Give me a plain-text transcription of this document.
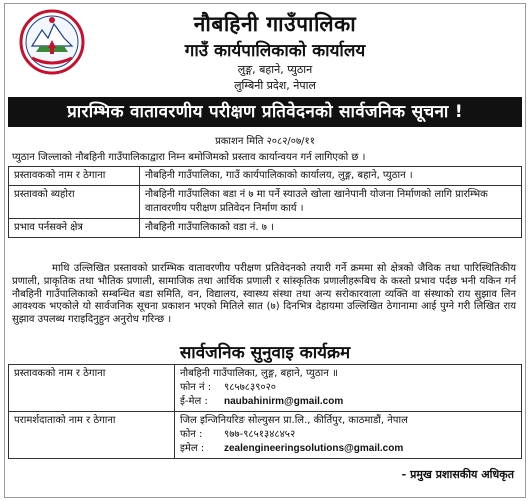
नौबहिनी गाउँपालिका
गाउँ कार्यपालिकाको कार्यालय
लुङ्ग, बहाने, प्युठान
लुम्बिनी प्रदेश, नेपाल
प्रारम्भिक वातावरणीय परीक्षण प्रतिवेदनको सार्वजनिक सूचना !
प्रकाशन मिति २०८२/०७/११
प्युठान जिल्लाको नौबहिनी गाउँपालिकाद्वारा निम्न बमोजिमको प्रस्ताव कार्यान्वयन गर्न लागिएको छ ।
प्रस्तावकको नाम र ठेगाना	नौबहिनी गाउँपालिका, गाउँ कार्यपालिकाको कार्यालय, लुङ्ग, बहाने, प्युठान ।
प्रस्तावको ब्यहोरा	नौबहिनी गाउँपालिका बडा नं ७ मा पर्ने स्याउले खोला खानेपानी योजना निर्माणको लागि प्रारम्भिक वातावरणीय परीक्षण प्रतिवेदन निर्माण कार्य ।
प्रभाव पर्नसक्ने क्षेत्र	नौबहिनी गाउँपालिकाको वडा नं. ७ ।
माथि उल्लिखित प्रस्तावको प्रारम्भिक वातावरणीय परीक्षण प्रतिवेदनको तयारी गर्ने क्रममा सो क्षेत्रको जैविक तथा पारिस्थितिकीय प्रणाली, प्राकृतिक तथा भौतिक प्रणाली, सामाजिक तथा आर्थिक प्रणाली र सांस्कृतिक प्रणालीहरूबिच के कस्तो प्रभाव पर्दछ भनी यकिन गर्न नौबहिनी गाउँपालिकाको सम्बन्धित बडा समिति, वन, विद्यालय, स्वास्थ्य संस्था तथा अन्य सरोकारवाला व्यक्ति वा संस्थाको राय सुझाव लिन आवश्यक भएकोले यो सार्वजनिक सूचना प्रकाशन भएको मितिले सात (७) दिनभित्र देहायमा उल्लिखित ठेगानामा आई पुग्ने गरी लिखित राय सुझाव उपलब्ध गराइदिनुहुन अनुरोध गरिन्छ ।
सार्वजनिक सुनुवाइ कार्यक्रम
प्रस्तावकको नाम र ठेगाना	नौबहिनी गाउँपालिका, लुङ्ग, बहाने, प्युठान ॥
फोन नं : ९८५७८३९०२०
ई-मेल : naubahinirm@gmail.com

परामर्शदाताको नाम र ठेगाना	जिल इन्जिनियरिङ सोल्युसन प्रा.लि., कीर्तिपुर, काठमाडौं, नेपाल
फोन : ९७७-९८५१३४८४५२
इमेल : zealengineeringsolutions@gmail.com
- प्रमुख प्रशासकीय अधिकृत
